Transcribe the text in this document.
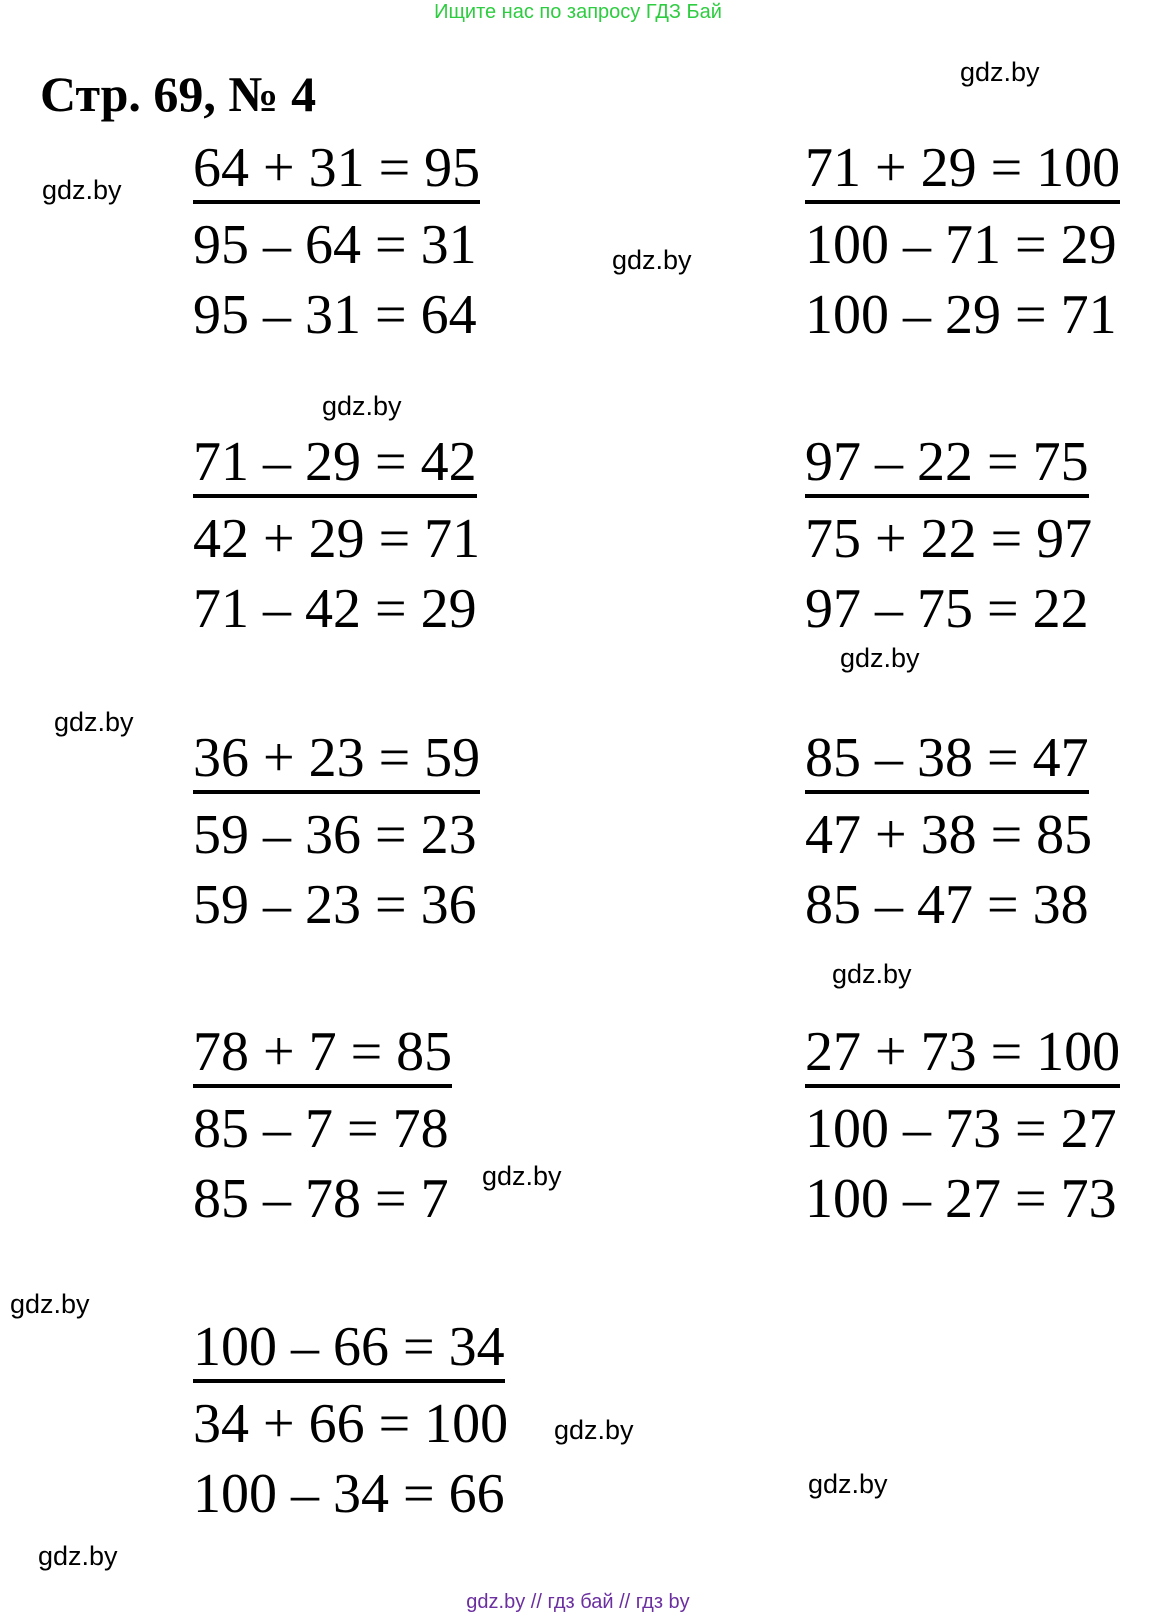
Ищите нас по запросу ГДЗ Бай
Стр. 69, № 4	gdz.by
gdz.by
gdz.by
gdz.by
gdz.by
gdz.by
gdz.by
gdz.by
gdz.by
gdz.by
gdz.by
gdz.by
64 + 31 = 95
95 – 64 = 31
95 – 31 = 64
71 + 29 = 100
100 – 71 = 29
100 – 29 = 71
71 – 29 = 42
42 + 29 = 71
71 – 42 = 29
97 – 22 = 75
75 + 22 = 97
97 – 75 = 22
36 + 23 = 59
59 – 36 = 23
59 – 23 = 36
85 – 38 = 47
47 + 38 = 85
85 – 47 = 38
78 + 7 = 85
85 – 7 = 78
85 – 78 = 7
27 + 73 = 100
100 – 73 = 27
100 – 27 = 73
100 – 66 = 34
34 + 66 = 100
100 – 34 = 66
gdz.by // гдз бай // гдз by
